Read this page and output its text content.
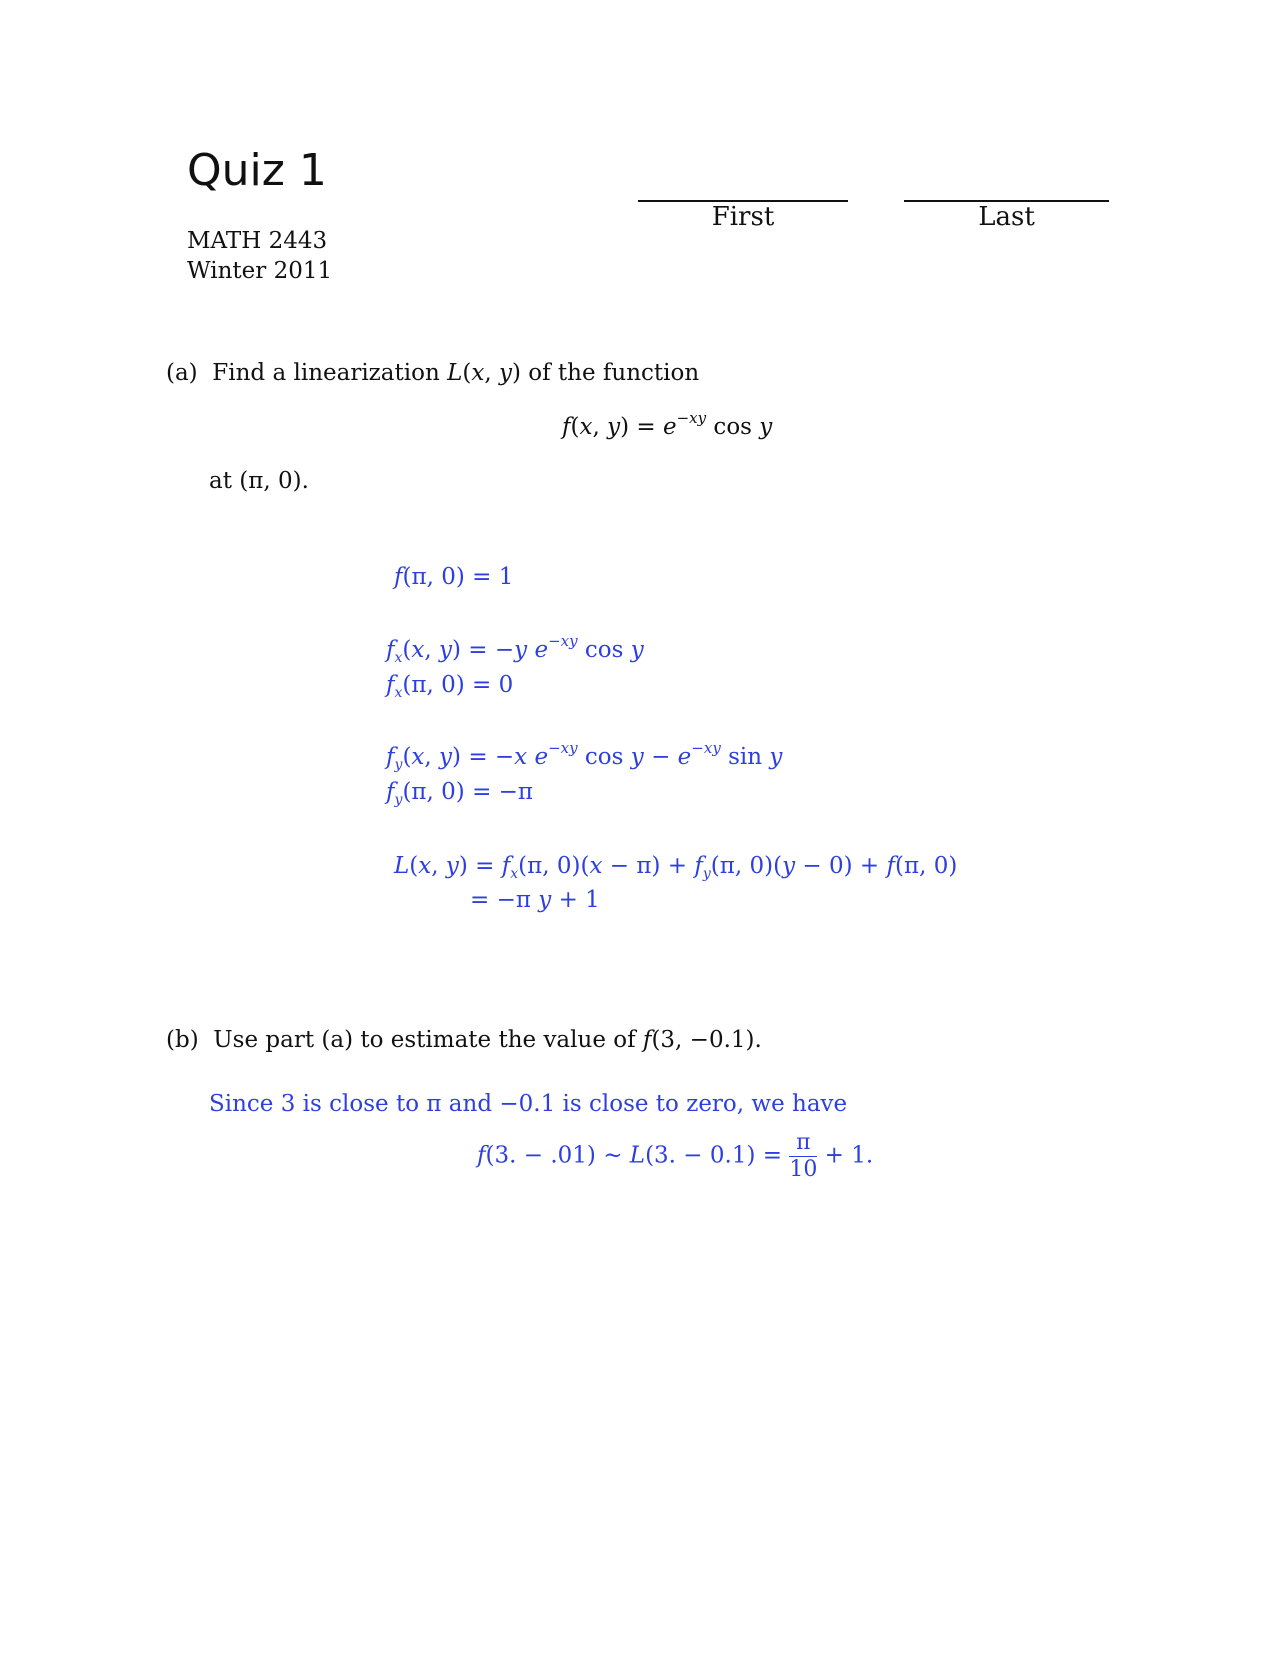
Quiz 1
MATH 2443
Winter 2011
First	Last
(a) Find a linearization L(x, y) of the function
f(x, $y) = e^{-xy}$ cos y
at (π, 0).
f(π, 0) = 1
$f_x(x$, y) = −y $e^{-xy}$ cos y
$f_x(\pi$, 0) = 0
$f_y(x$, y) = −x $e^{-xy}$ $\cos y - e^{-xy}$ sin y
$f_y(\pi$, 0) = −π
L(x, $y) = f_x(\pi$, $0)(x - \pi) + f_y(\pi$, 0)(y − 0) + f(π, 0)
= −π y + 1
(b) Use part (a) to estimate the value of f(3, −0.1).
Since 3 is close to π and −0.1 is close to zero, we have
f(3. − .01) ∼ L(3. − $0.1) = \frac{\pi}{10} + 1$.
